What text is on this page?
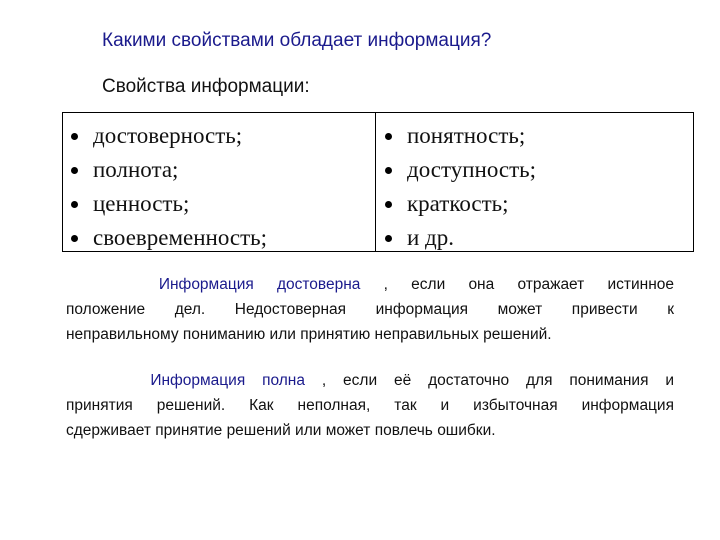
Какими свойствами обладает информация?
Свойства информации:
достоверность;
полнота;
ценность;
своевременность;
понятность;
доступность;
краткость;
и др.
Информация достоверна , если она отражает истинное
положение дел. Недостоверная информация может привести к
неправильному пониманию или принятию неправильных решений.
Информация полна , если её достаточно для понимания и
принятия решений. Как неполная, так и избыточная информация
сдерживает принятие решений или может повлечь ошибки.
